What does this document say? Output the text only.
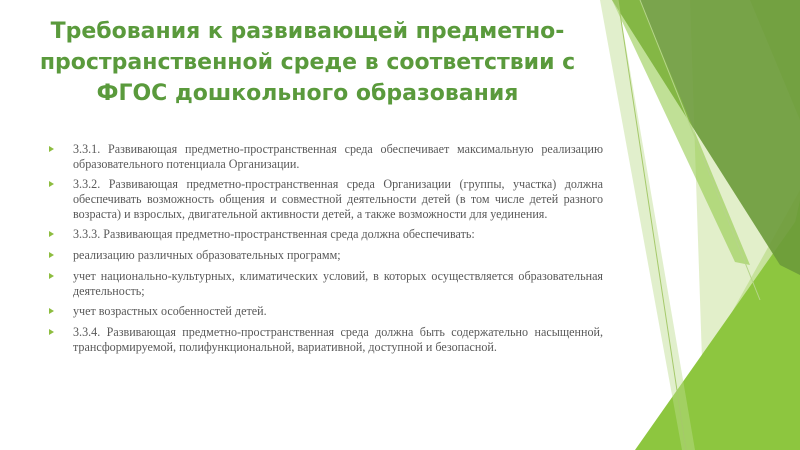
Требования к развивающей предметно-пространственной среде в соответствии с ФГОС дошкольного образования
3.3.1. Развивающая предметно-пространственная среда обеспечивает максимальную реализацию образовательного потенциала Организации.
3.3.2. Развивающая предметно-пространственная среда Организации (группы, участка) должна обеспечивать возможность общения и совместной деятельности детей (в том числе детей разного возраста) и взрослых, двигательной активности детей, а также возможности для уединения.
3.3.3. Развивающая предметно-пространственная среда должна обеспечивать:
реализацию различных образовательных программ;
учет национально-культурных, климатических условий, в которых осуществляется образовательная деятельность;
учет возрастных особенностей детей.
3.3.4. Развивающая предметно-пространственная среда должна быть содержательно насыщенной, трансформируемой, полифункциональной, вариативной, доступной и безопасной.
